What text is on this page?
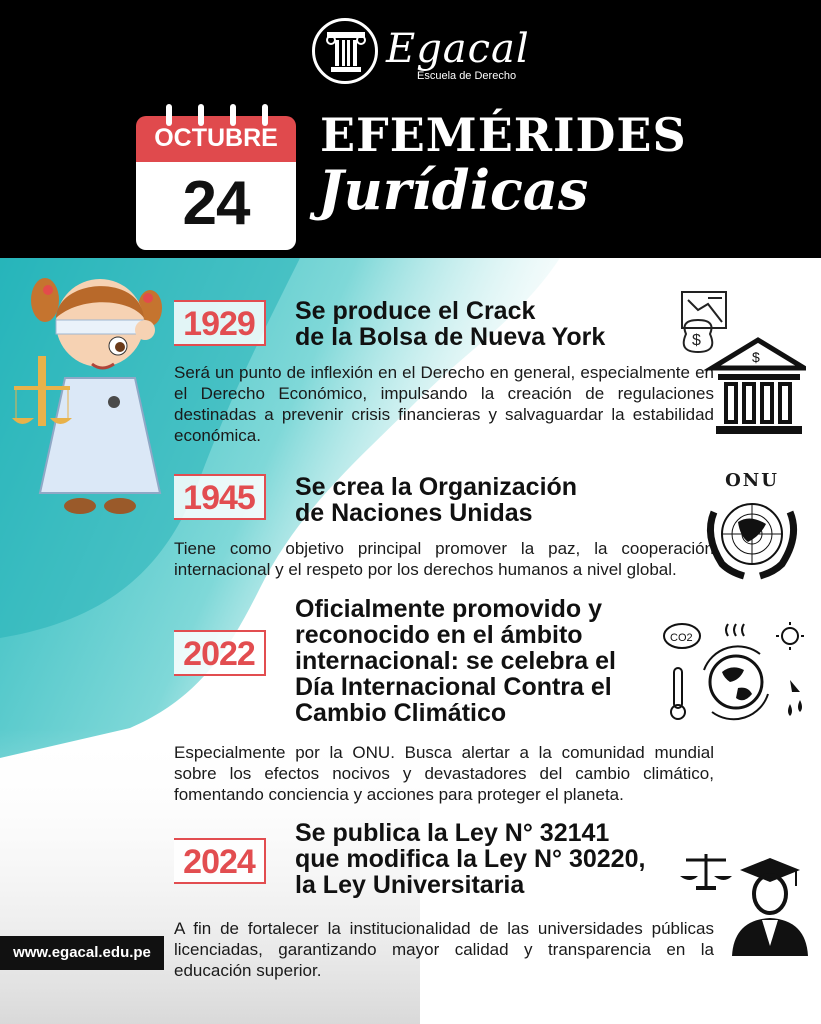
Egacal
Escuela de Derecho
OCTUBRE
24
EFEMÉRIDES
Jurídicas
1929	Se produce el Crack
de la Bolsa de Nueva York
Será un punto de inflexión en el Derecho en general, especialmente en el Derecho Económico, impulsando la creación de regulaciones destinadas a prevenir crisis financieras y salvaguardar la estabilidad económica.
$
$
1945	Se crea la Organización
de Naciones Unidas
Tiene como objetivo principal promover la paz, la cooperación internacional y el respeto por los derechos humanos a nivel global.
ONU
2022
Oficialmente promovido y
reconocido en el ámbito
internacional: se celebra el
Día Internacional Contra el
Cambio Climático
Especialmente por la ONU. Busca alertar a la comunidad mundial sobre los efectos nocivos y devastadores del cambio climático, fomentando conciencia y acciones para proteger el planeta.
CO2
2024
Se publica la Ley N° 32141
que modifica la Ley N° 30220,
la Ley Universitaria
A fin de fortalecer la institucionalidad de las universidades públicas licenciadas, garantizando mayor calidad y transparencia en la educación superior.
www.egacal.edu.pe
